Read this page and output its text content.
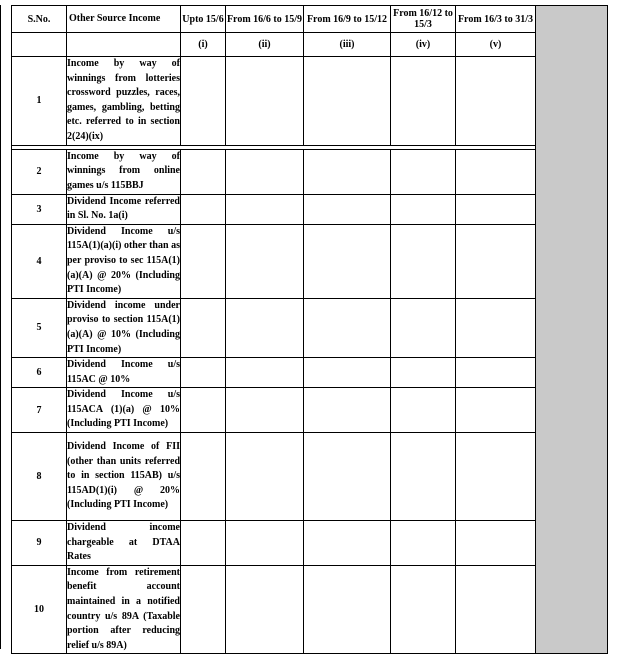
S.No.	Other Source Income	Upto 15/6	From 16/6 to 15/9	From 16/9 to 15/12	From 16/12 to 15/3	From 16/3 to 31/3	
		(i)	(ii)	(iii)	(iv)	(v)	
1	Income by way of winnings from lotteries crossword puzzles, races, games, gambling, betting etc. referred to in section 2(24)(ix)						

2	Income by way of winnings from online games u/s 115BBJ						

3	Dividend Income referred in Sl. No. 1a(i)						

4	Dividend Income u/s 115A(1)(a)(i) other than as per proviso to sec 115A(1)(a)(A) @ 20% (Including PTI Income)						

5	Dividend income under proviso to section 115A(1)(a)(A) @ 10% (Including PTI Income)						

6	Dividend Income u/s 115AC @ 10%						

7	Dividend Income u/s 115ACA (1)(a) @ 10% (Including PTI Income)						

8	Dividend Income of FII (other than units referred to in section 115AB) u/s 115AD(1)(i) @ 20% (Including PTI Income)						

9	Dividend income chargeable at DTAA Rates						

10	Income from retirement benefit account maintained in a notified country u/s 89A (Taxable portion after reducing relief u/s 89A)						
